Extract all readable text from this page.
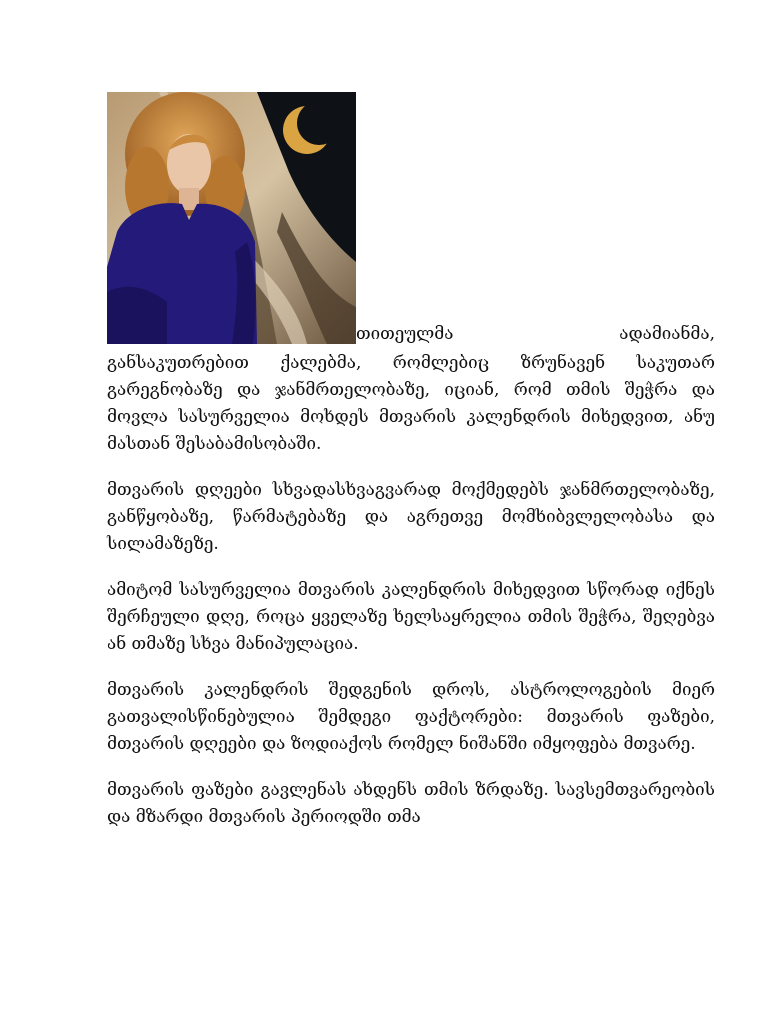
თითეულმა	ადამიანმა,

განსაკუთრებით ქალებმა, რომლებიც ზრუნავენ საკუთარ გარეგნობაზე და ჯანმრთელობაზე, იციან, რომ თმის შეჭრა და მოვლა სასურველია მოხდეს მთვარის კალენდრის მიხედვით, ანუ მასთან შესაბამისობაში.

მთვარის დღეები სხვადასხვაგვარად მოქმედებს ჯანმრთელობაზე, განწყობაზე, წარმატებაზე და აგრეთვე მომხიბვლელობასა და სილამაზეზე.

ამიტომ სასურველია მთვარის კალენდრის მიხედვით სწორად იქნეს შერჩეული დღე, როცა ყველაზე ხელსაყრელია თმის შეჭრა, შეღებვა ან თმაზე სხვა მანიპულაცია.

მთვარის კალენდრის შედგენის დროს, ასტროლოგების მიერ გათვალისწინებულია შემდეგი ფაქტორები: მთვარის ფაზები, მთვარის დღეები და ზოდიაქოს რომელ ნიშანში იმყოფება მთვარე.

მთვარის ფაზები გავლენას ახდენს თმის ზრდაზე. სავსემთვარეობის და მზარდი მთვარის პერიოდში თმა
